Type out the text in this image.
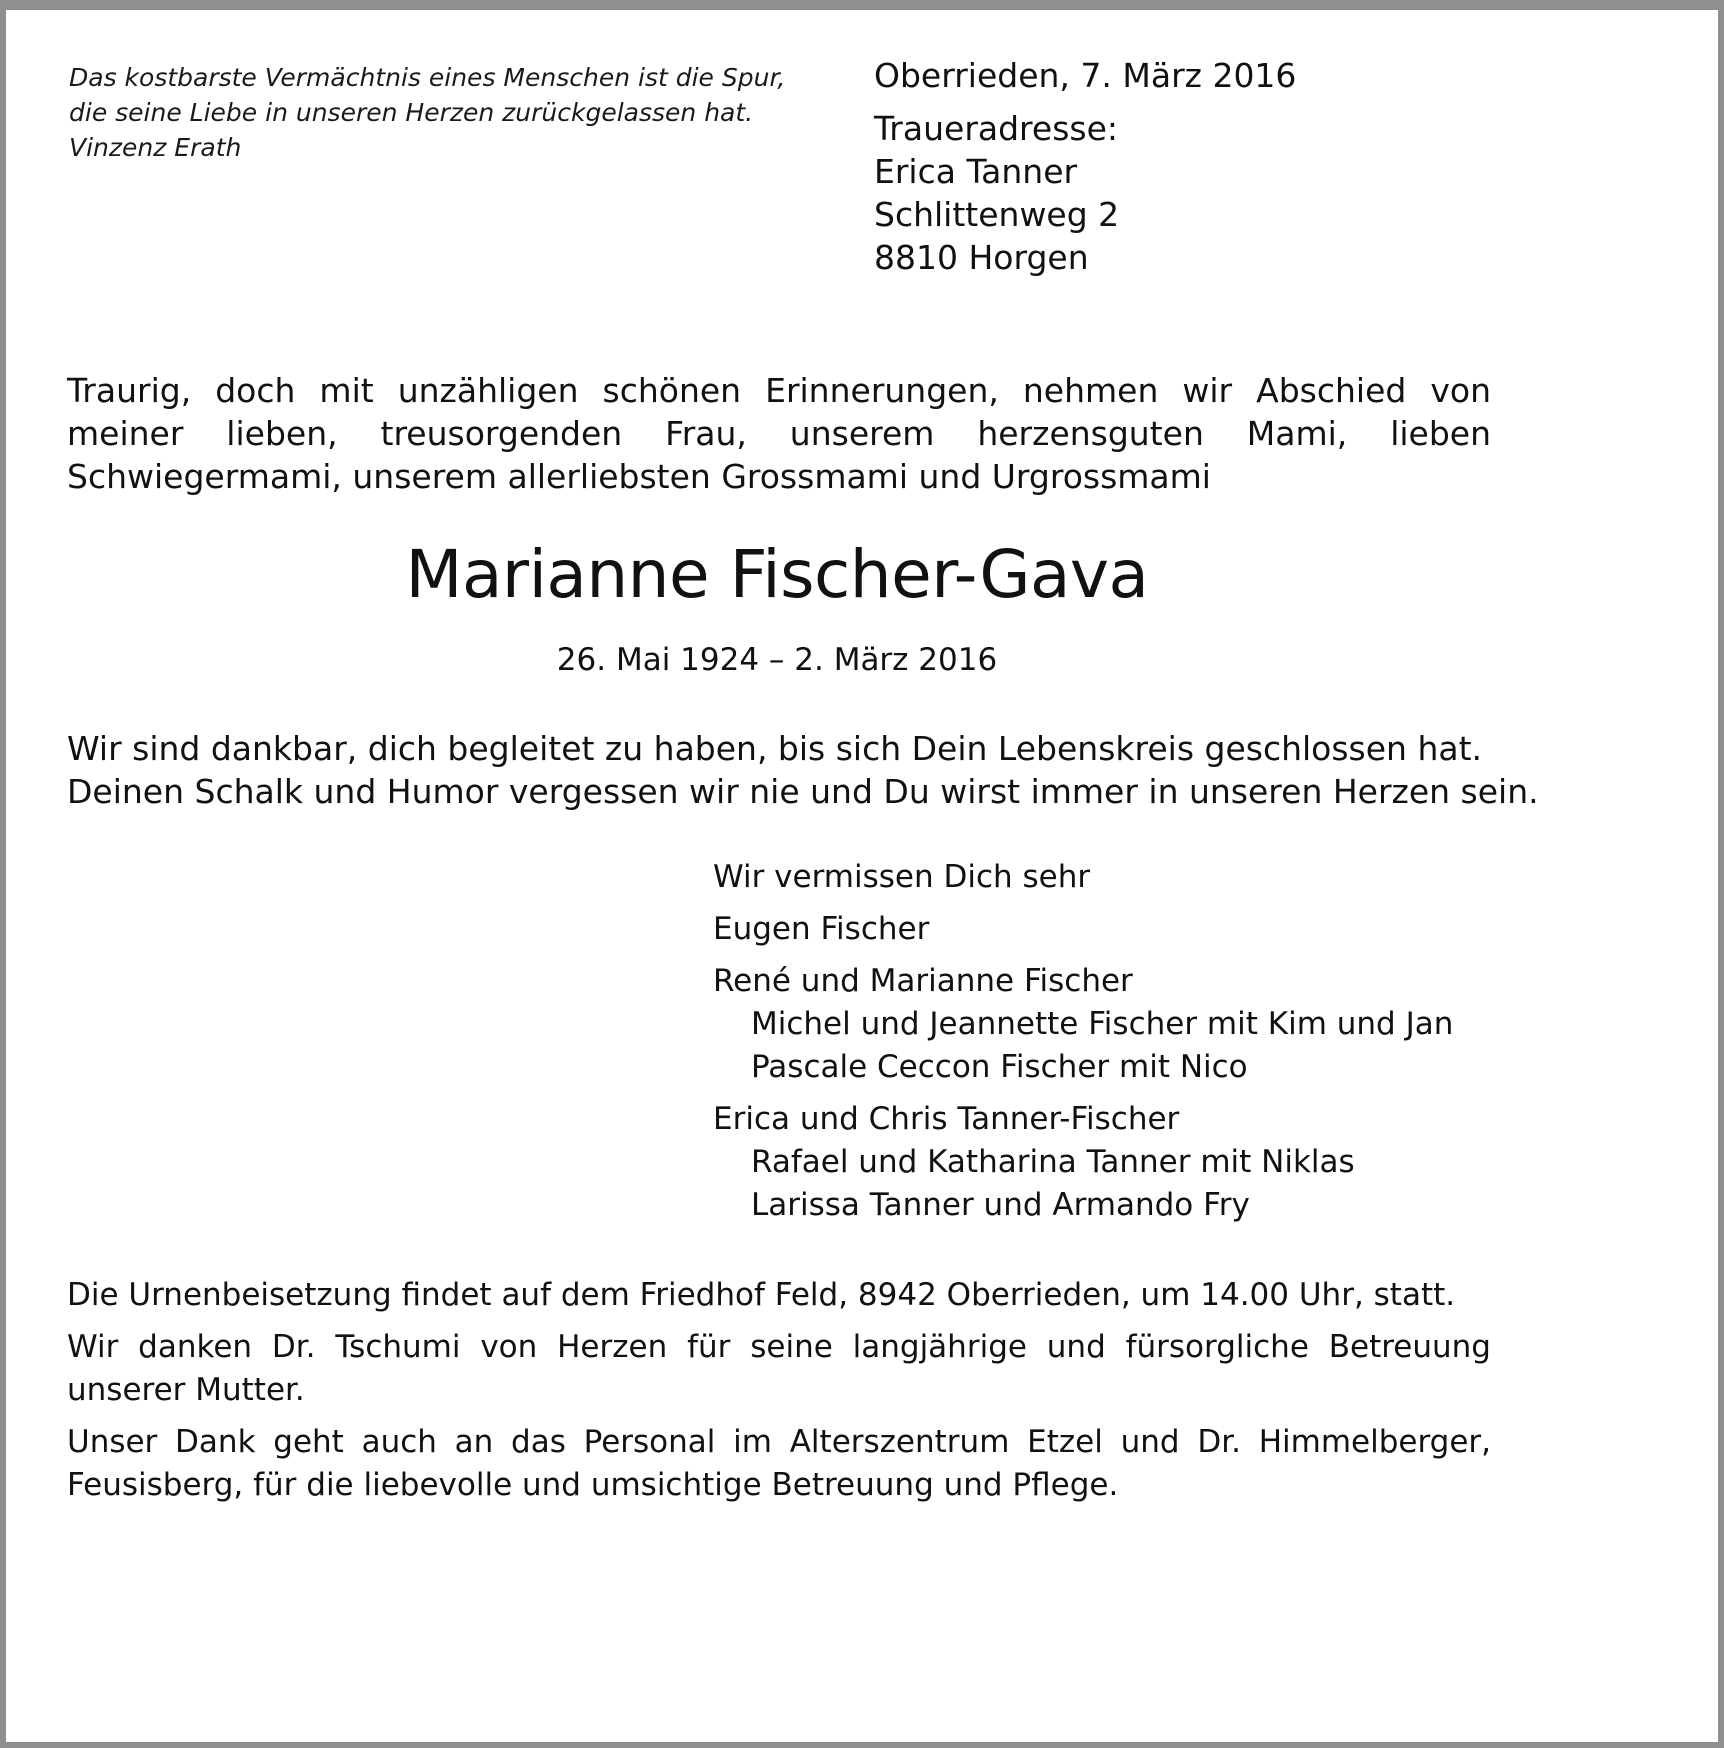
Das kostbarste Vermächtnis eines Menschen ist die Spur,
die seine Liebe in unseren Herzen zurückgelassen hat.
Vinzenz Erath
Oberrieden, 7. März 2016
Traueradresse:
Erica Tanner
Schlittenweg 2
8810 Horgen
Traurig, doch mit unzähligen schönen Erinnerungen, nehmen wir Abschied von meiner lieben, treusorgenden Frau, unserem herzensguten Mami, lieben Schwiegermami, unserem allerliebsten Grossmami und Urgrossmami
Marianne Fischer-Gava
26. Mai 1924 – 2. März 2016
Wir sind dankbar, dich begleitet zu haben, bis sich Dein Lebenskreis geschlossen hat.
Deinen Schalk und Humor vergessen wir nie und Du wirst immer in unseren Herzen sein.
Wir vermissen Dich sehr
Eugen Fischer
René und Marianne Fischer
Michel und Jeannette Fischer mit Kim und Jan
Pascale Ceccon Fischer mit Nico
Erica und Chris Tanner-Fischer
Rafael und Katharina Tanner mit Niklas
Larissa Tanner und Armando Fry

Die Urnenbeisetzung findet auf dem Friedhof Feld, 8942 Oberrieden, um 14.00 Uhr, statt.

Wir danken Dr. Tschumi von Herzen für seine langjährige und fürsorgliche Betreuung unserer Mutter.

Unser Dank geht auch an das Personal im Alterszentrum Etzel und Dr. Himmelberger, Feusisberg, für die liebevolle und umsichtige Betreuung und Pflege.
